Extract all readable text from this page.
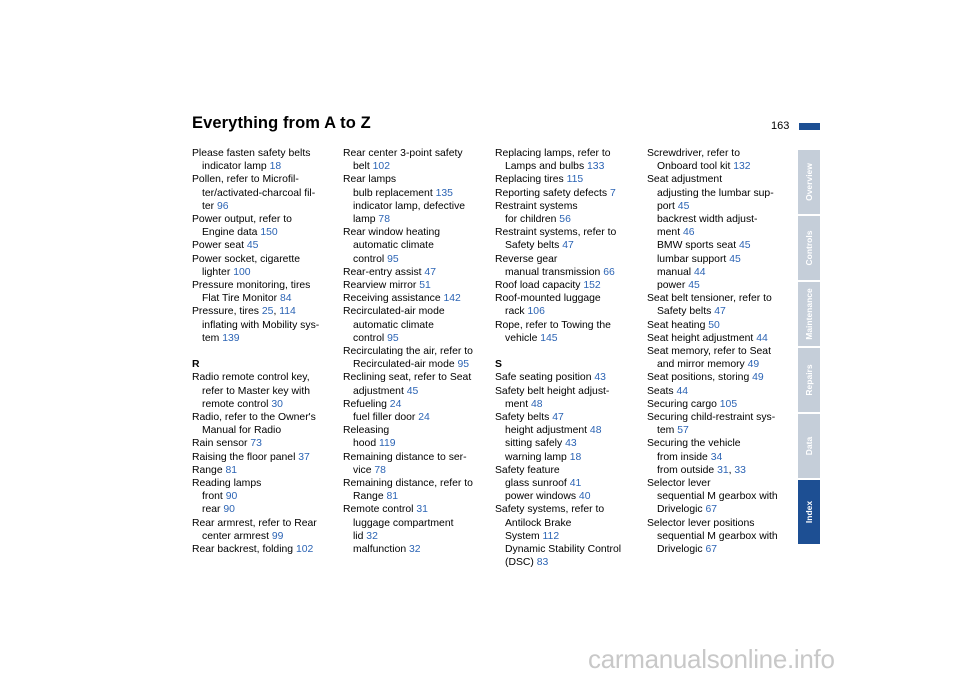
Everything from A to Z	163
Please fasten safety belts
indicator lamp 18
Pollen, refer to Microfil-
ter/activated-charcoal fil-
ter 96
Power output, refer to
Engine data 150
Power seat 45
Power socket, cigarette
lighter 100
Pressure monitoring, tires
Flat Tire Monitor 84
Pressure, tires 25, 114
inflating with Mobility sys-
tem 139
R
Radio remote control key,
refer to Master key with
remote control 30
Radio, refer to the Owner's
Manual for Radio
Rain sensor 73
Raising the floor panel 37
Range 81
Reading lamps
front 90
rear 90
Rear armrest, refer to Rear
center armrest 99
Rear backrest, folding 102
Rear center 3-point safety
belt 102
Rear lamps
bulb replacement 135
indicator lamp, defective
lamp 78
Rear window heating
automatic climate
control 95
Rear-entry assist 47
Rearview mirror 51
Receiving assistance 142
Recirculated-air mode
automatic climate
control 95
Recirculating the air, refer to
Recirculated-air mode 95
Reclining seat, refer to Seat
adjustment 45
Refueling 24
fuel filler door 24
Releasing
hood 119
Remaining distance to ser-
vice 78
Remaining distance, refer to
Range 81
Remote control 31
luggage compartment
lid 32
malfunction 32
Replacing lamps, refer to
Lamps and bulbs 133
Replacing tires 115
Reporting safety defects 7
Restraint systems
for children 56
Restraint systems, refer to
Safety belts 47
Reverse gear
manual transmission 66
Roof load capacity 152
Roof-mounted luggage
rack 106
Rope, refer to Towing the
vehicle 145
S
Safe seating position 43
Safety belt height adjust-
ment 48
Safety belts 47
height adjustment 48
sitting safely 43
warning lamp 18
Safety feature
glass sunroof 41
power windows 40
Safety systems, refer to
Antilock Brake
System 112
Dynamic Stability Control
(DSC) 83
Screwdriver, refer to
Onboard tool kit 132
Seat adjustment
adjusting the lumbar sup-
port 45
backrest width adjust-
ment 46
BMW sports seat 45
lumbar support 45
manual 44
power 45
Seat belt tensioner, refer to
Safety belts 47
Seat heating 50
Seat height adjustment 44
Seat memory, refer to Seat
and mirror memory 49
Seat positions, storing 49
Seats 44
Securing cargo 105
Securing child-restraint sys-
tem 57
Securing the vehicle
from inside 34
from outside 31, 33
Selector lever
sequential M gearbox with
Drivelogic 67
Selector lever positions
sequential M gearbox with
Drivelogic 67
Overview
Controls
Maintenance
Repairs
Data
Index
carmanualsonline.info
